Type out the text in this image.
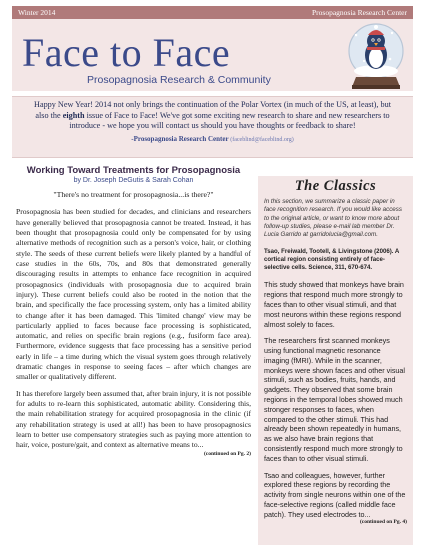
Winter 2014	Prosopagnosia Research Center
Face to Face
Prosopagnosia Research & Community
Happy New Year! 2014 not only brings the continuation of the Polar Vortex (in much of the US, at least), but also the eighth issue of Face to Face! We've got some exciting new research to share and new researchers to introduce - we hope you will contact us should you have thoughts or feedback to share!
-Prosopagnosia Research Center (faceblind@faceblind.org)
Working Toward Treatments for Prosopagnosia
by Dr. Joseph DeGutis & Sarah Cohan
"There's no treatment for prosopagnosia...is there?"

Prosopagnosia has been studied for decades, and clinicians and researchers have generally believed that prosopagnosia cannot be treated. Instead, it has been thought that prosopagnosia could only be compensated for by using alternative methods of recognition such as a person's voice, hair, or clothing style. The seeds of these current beliefs were likely planted by a handful of case studies in the 60s, 70s, and 80s that demonstrated generally discouraging results in attempts to enhance face recognition in acquired prosopagnosics (individuals with prosopagnosia due to acquired brain injury). These current beliefs could also be rooted in the notion that the brain, and specifically the face processing system, only has a limited ability to change after it has been damaged. This 'limited change' view may be particularly applied to faces because face processing is sophisticated, automatic, and relies on specific brain regions (e.g., fusiform face area). Furthermore, evidence suggests that face processing has a sensitive period early in life – a time during which the visual system goes through relatively dramatic changes in response to seeing faces – after which changes are smaller or qualitatively different.

It has therefore largely been assumed that, after brain injury, it is not possible for adults to re-learn this sophisticated, automatic ability. Considering this, the main rehabilitation strategy for acquired prosopagnosia in the clinic (if any rehabilitation strategy is used at all!) has been to have prosopagnosics learn to better use compensatory strategies such as paying more attention to hair, voice, posture/gait, and context as alternative means to...

(continued on Pg. 2)
The Classics
In this section, we summarize a classic paper in face recognition research. If you would like access to the original article, or want to know more about follow-up studies, please e-mail lab member Dr. Lucia Garrido at garridolucia@gmail.com.
Tsao, Freiwald, Tootell, & Livingstone (2006). A cortical region consisting entirely of face-selective cells. Science, 311, 670-674.

This study showed that monkeys have brain regions that respond much more strongly to faces than to other visual stimuli, and that most neurons within these regions respond almost solely to faces.

The researchers first scanned monkeys using functional magnetic resonance imaging (fMRI). While in the scanner, monkeys were shown faces and other visual stimuli, such as bodies, fruits, hands, and gadgets. They observed that some brain regions in the temporal lobes showed much stronger responses to faces, when compared to the other stimuli. This had already been shown repeatedly in humans, as we also have brain regions that consistently respond much more strongly to faces than to other visual stimuli.

Tsao and colleagues, however, further explored these regions by recording the activity from single neurons within one of the face-selective regions (called middle face patch). They used electrodes to...

(continued on Pg. 4)
